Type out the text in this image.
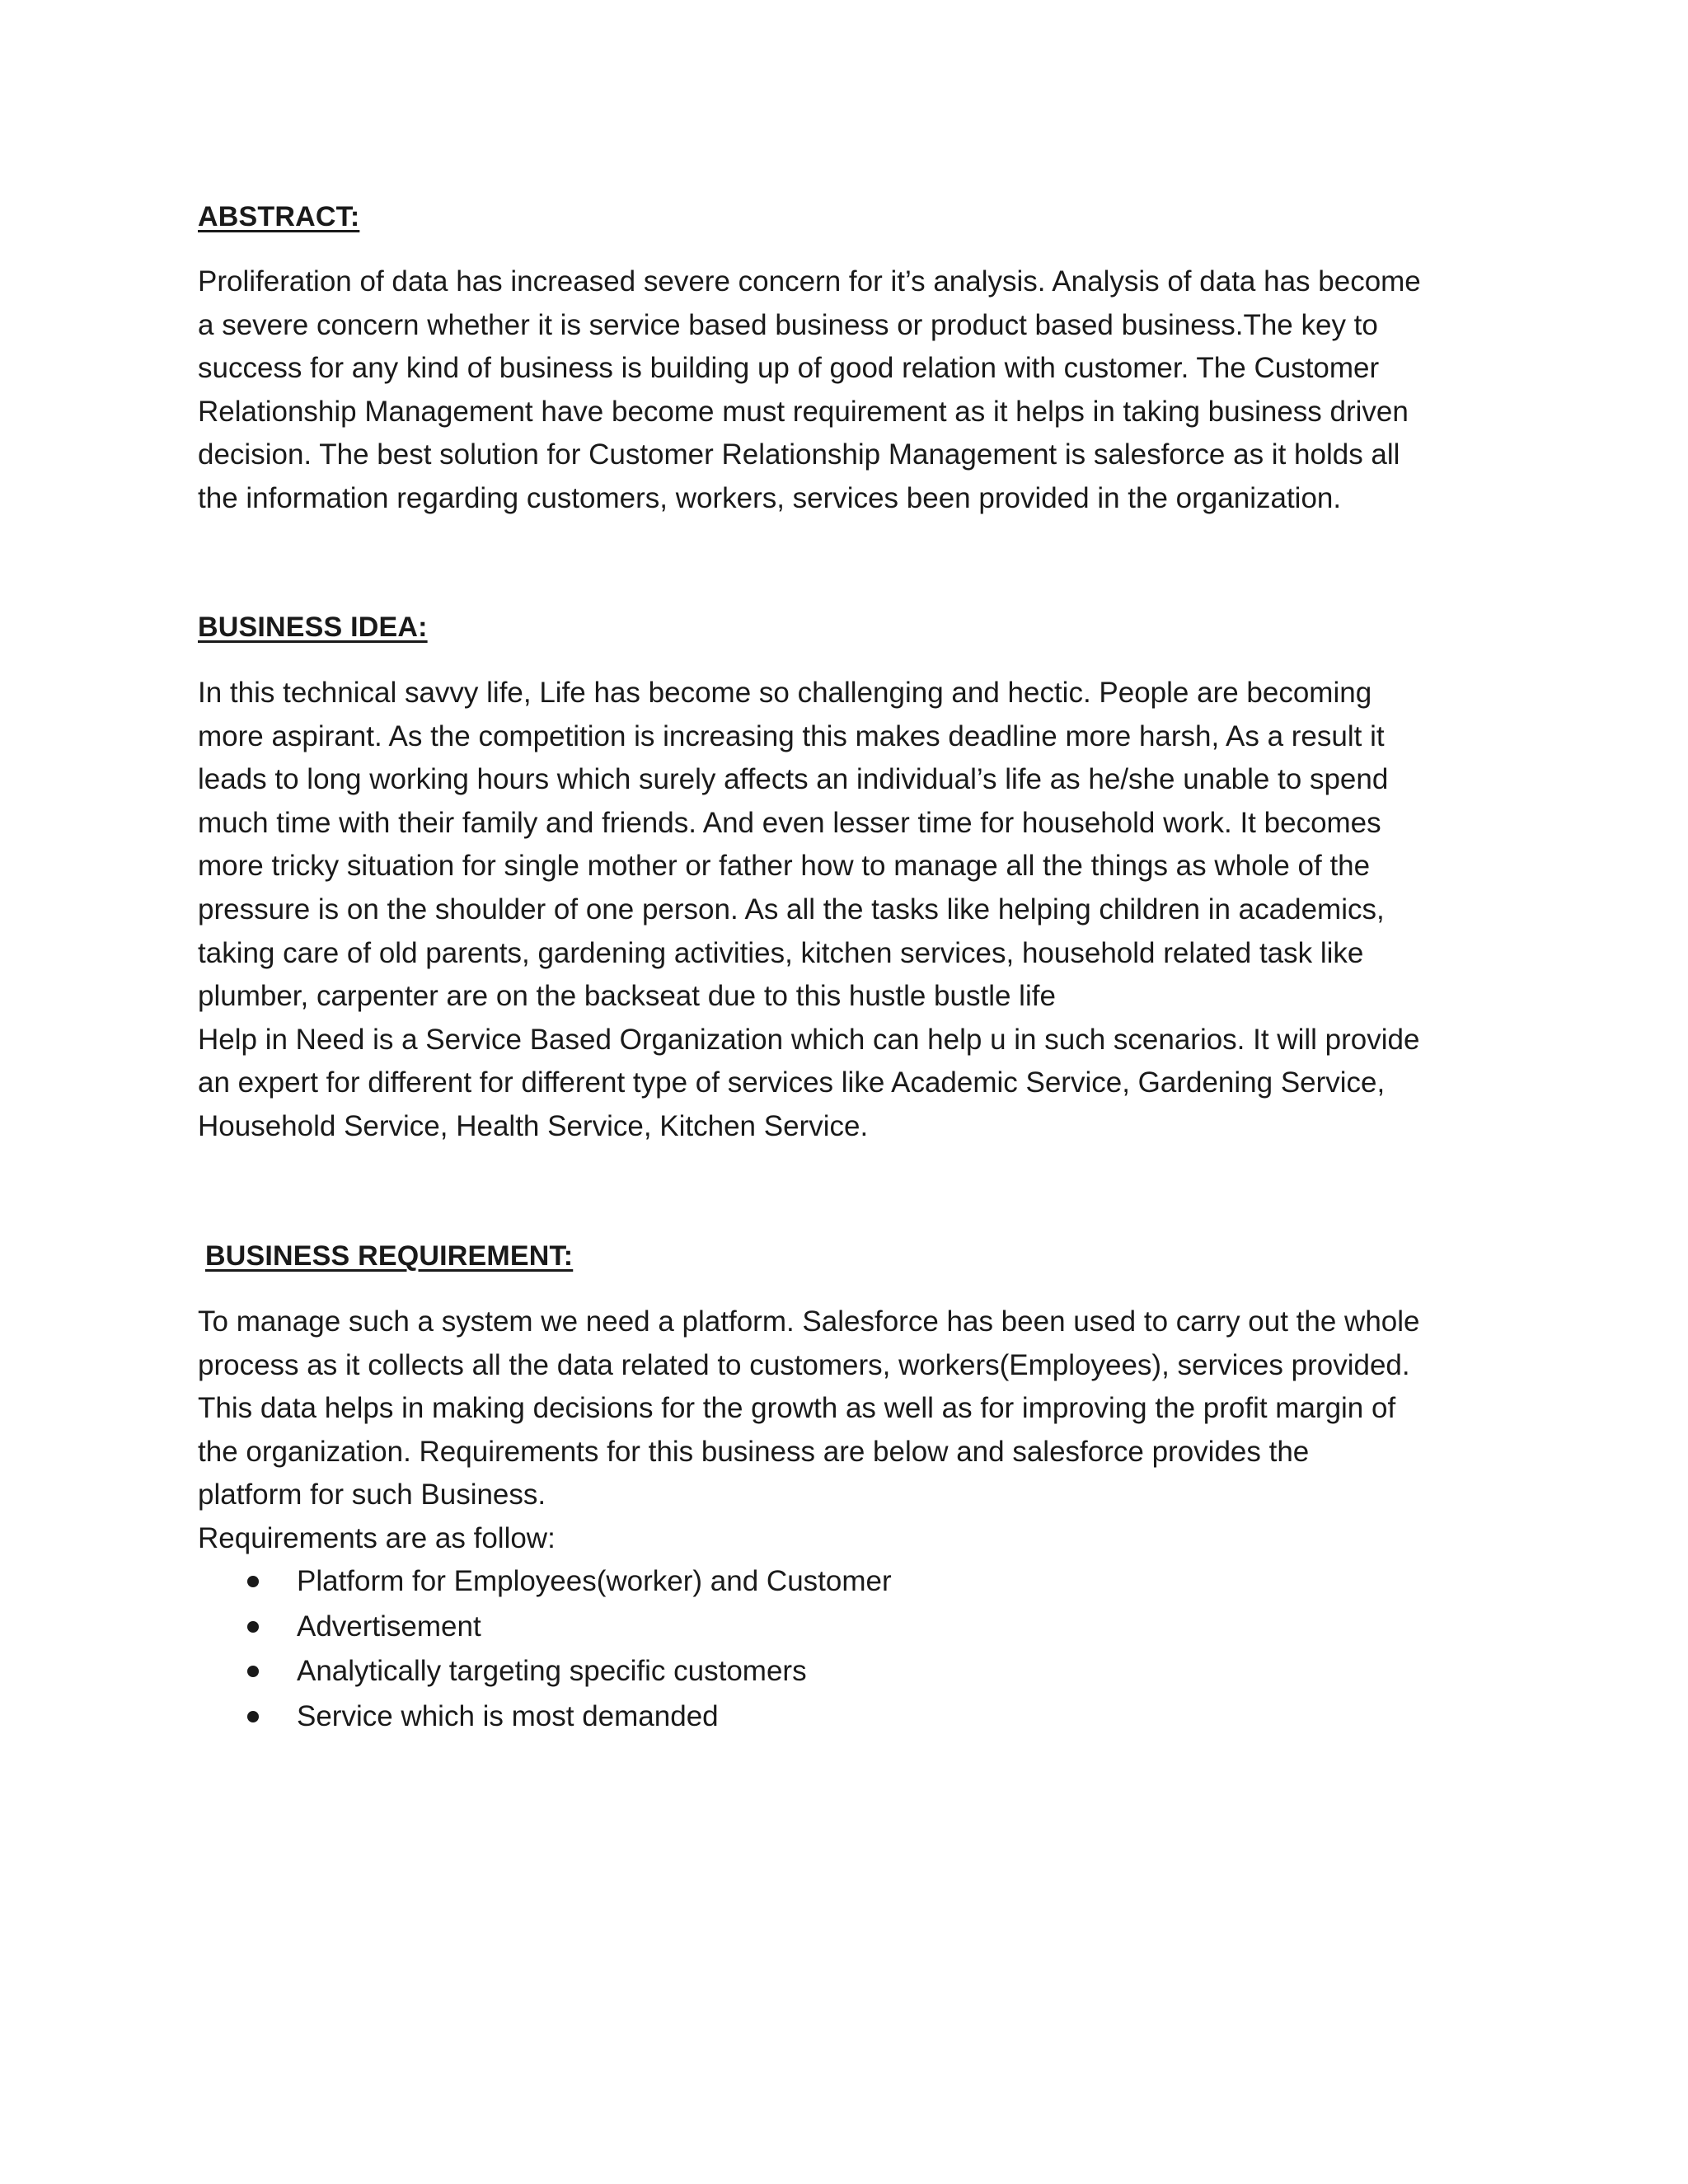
ABSTRACT:

Proliferation of data has increased severe concern for it’s analysis. Analysis of data has become
a severe concern whether it is service based business or product based business.The key to
success for any kind of business is building up of good relation with customer. The Customer
Relationship Management have become must requirement as it helps in taking business driven
decision. The best solution for Customer Relationship Management is salesforce as it holds all
the information regarding customers, workers, services been provided in the organization.

BUSINESS IDEA:

In this technical savvy life, Life has become so challenging and hectic. People are becoming
more aspirant. As the competition is increasing this makes deadline more harsh, As a result it
leads to long working hours which surely affects an individual’s life as he/she unable to spend
much time with their family and friends. And even lesser time for household work. It becomes
more tricky situation for single mother or father how to manage all the things as whole of the
pressure is on the shoulder of one person. As all the tasks like helping children in academics,
taking care of old parents, gardening activities, kitchen services, household related task like
plumber, carpenter are on the backseat due to this hustle bustle life
Help in Need is a Service Based Organization which can help u in such scenarios. It will provide
an expert for different for different type of services like Academic Service, Gardening Service,
Household Service, Health Service, Kitchen Service.

BUSINESS REQUIREMENT:

To manage such a system we need a platform. Salesforce has been used to carry out the whole
process as it collects all the data related to customers, workers(Employees), services provided.
This data helps in making decisions for the growth as well as for improving the profit margin of
the organization. Requirements for this business are below and salesforce provides the
platform for such Business.
Requirements are as follow:

Platform for Employees(worker) and Customer
Advertisement
Analytically targeting specific customers
Service which is most demanded
